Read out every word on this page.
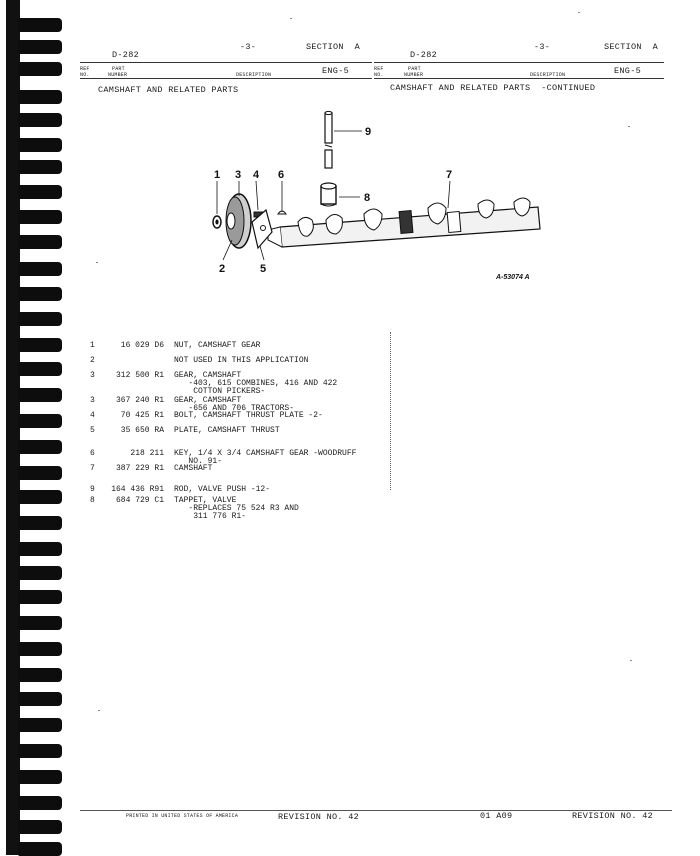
D-282
-3-	SECTION  A
REF
NO.
PART
NUMBER	DESCRIPTION	ENG-5
D-282
-3-	SECTION  A
REF
NO.
PART
NUMBER	DESCRIPTION	ENG-5
CAMSHAFT AND RELATED PARTS	CAMSHAFT AND RELATED PARTS  -CONTINUED
1
2
3 4
5
6	7
8
9
A-53074 A
1	16 029 D6 NUT, CAMSHAFT GEAR
2	NOT USED IN THIS APPLICATION
3	312 500 R1 GEAR, CAMSHAFT
-403, 615 COMBINES, 416 AND 422
COTTON PICKERS-
3	367 240 R1 GEAR, CAMSHAFT
-656 AND 706 TRACTORS-
4	70 425 R1 BOLT, CAMSHAFT THRUST PLATE -2-
5	35 650 RA PLATE, CAMSHAFT THRUST
6	218 211 KEY, 1/4 X 3/4 CAMSHAFT GEAR -WOODRUFF
NO. 91-
7	387 229 R1 CAMSHAFT
8	684 729 C1 TAPPET, VALVE
-REPLACES 75 524 R3 AND
311 776 R1-
9	164 436 R91 ROD, VALVE PUSH -12-
PRINTED IN UNITED STATES OF AMERICA	REVISION NO. 42	01 A09	REVISION NO. 42
